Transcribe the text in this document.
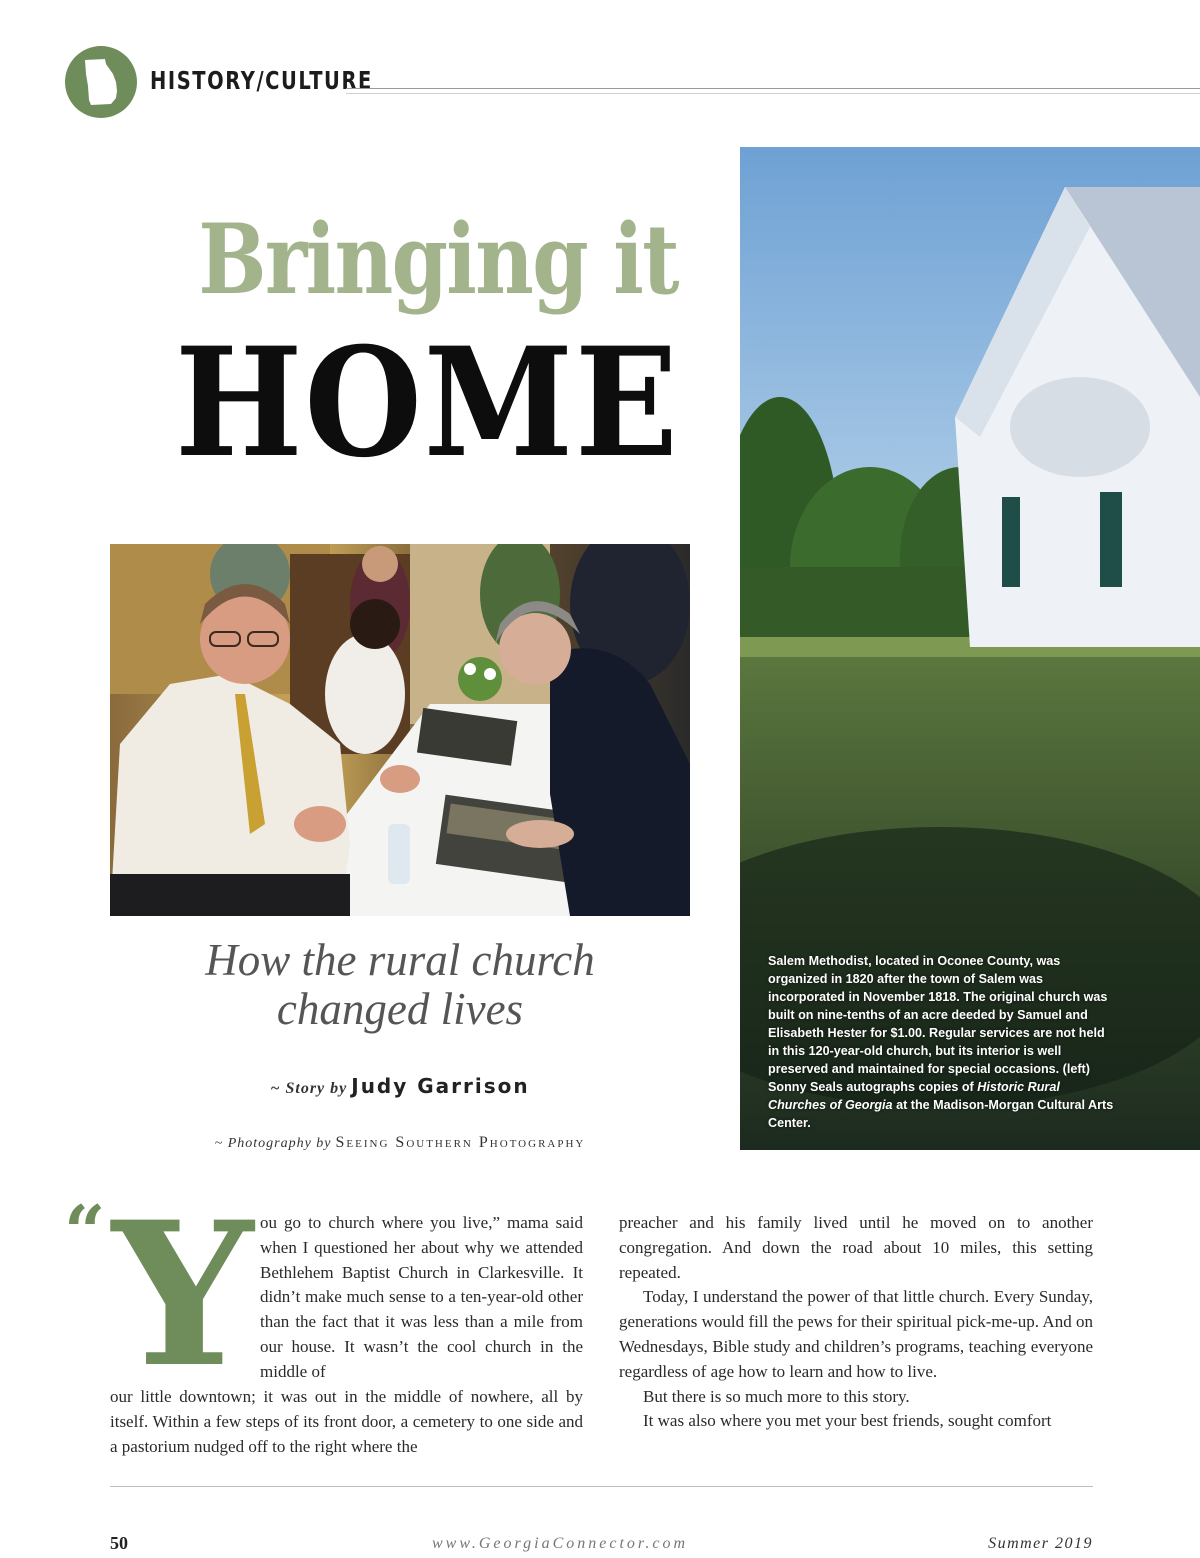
HISTORY/CULTURE
Bringing it
HOME
Salem Methodist, located in Oconee County, was organized in 1820 after the town of Salem was incorporated in November 1818. The original church was built on nine-tenths of an acre deeded by Samuel and Elisabeth Hester for $1.00. Regular services are not held in this 120-year-old church, but its interior is well preserved and maintained for special occasions. (left) Sonny Seals autographs copies of Historic Rural Churches of Georgia at the Madison-Morgan Cultural Arts Center.
How the rural church
changed lives
~ Story by Judy Garrison
~ Photography by Seeing Southern Photography
“ Y ou go to church where you live,” mama said when I questioned her about why we attended Bethlehem Baptist Church in Clarkesville. It didn’t make much sense to a ten-year-old other than the fact that it was less than a mile from our house. It wasn’t the cool church in the middle of

our little downtown; it was out in the middle of nowhere, all by itself. Within a few steps of its front door, a cemetery to one side and a pastorium nudged off to the right where the

preacher and his family lived until he moved on to another congregation. And down the road about 10 miles, this setting repeated.

Today, I understand the power of that little church. Every Sunday, generations would fill the pews for their spiritual pick-me-up. And on Wednesdays, Bible study and children’s programs, teaching everyone regardless of age how to learn and how to live.

But there is so much more to this story.

It was also where you met your best friends, sought comfort

50	www.GeorgiaConnector.com	Summer 2019
